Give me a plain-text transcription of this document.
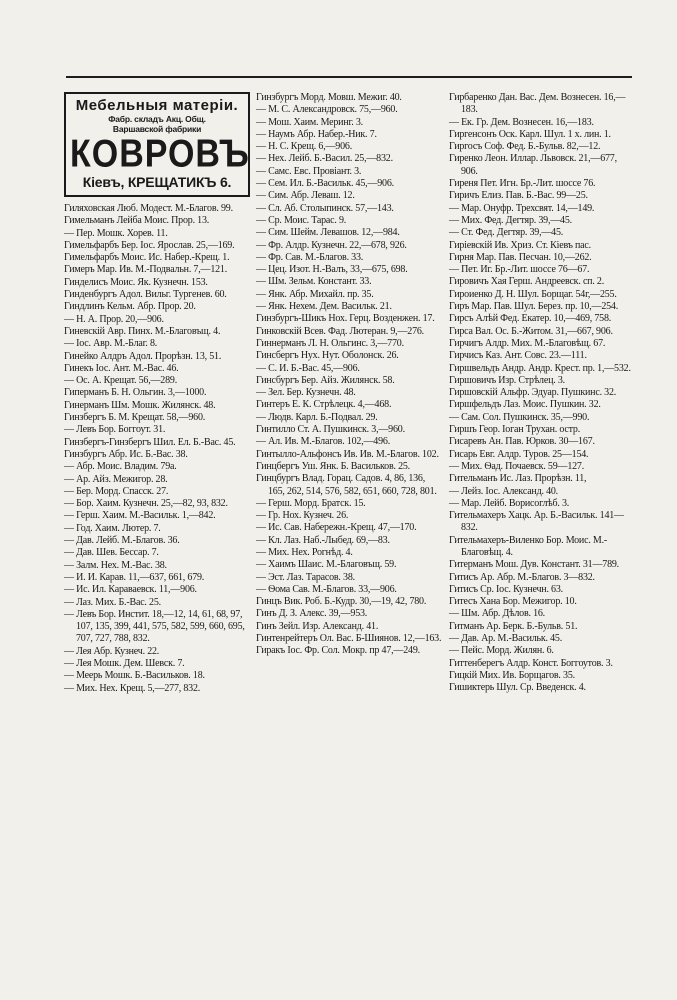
Мебельныя матеріи.
Фабр. складъ Акц. Общ.
Варшавской фабрики
КОВРОВЪ
Кіевъ, КРЕЩАТИКЪ 6.

Гиляховская Люб. Модест. М.-Благов. 99.

Гимельманъ Лейба Моис. Прор. 13.

— Пер. Мошк. Хорев. 11.

Гимельфарбъ Бер. Іос. Ярослав. 25,—169.

Гимельфарбъ Моис. Ис. Набер.-Крещ. 1.

Гимеръ Мар. Ив. М.-Подвальн. 7,—121.

Гинделисъ Моис. Як. Кузнечн. 153.

Гинденбургъ Адол. Вильг. Тургенев. 60.

Гиндлинъ Кельм. Абр. Прор. 20.

— Н. А. Прор. 20,—906.

Гиневскій Авр. Пинх. М.-Благовъщ. 4.

— Іос. Авр. М.-Благ. 8.

Гинейко Алдръ Адол. Прорѣзн. 13, 51.

Гинекъ Іос. Ант. М.-Вас. 46.

— Ос. А. Крещат. 56,—289.

Гиперманъ Б. Н. Ольгин. 3,—1000.

Гинерманъ Шм. Мошк. Жилянск. 48.

Гинзбергъ Б. М. Крещат. 58,—960.

— Левъ Бор. Боггоут. 31.

Гинзбергъ-Гинзбергъ Шил. Ел. Б.-Вас. 45.

Гинзбургъ Абр. Ис. Б.-Вас. 38.

— Абр. Моис. Владим. 79а.

— Ар. Айз. Межигор. 28.

— Бер. Морд. Спасск. 27.

— Бор. Хаим. Кузнечн. 25,—82, 93, 832.

— Герш. Хаим. М.-Васильк. 1,—842.

— Год. Хаим. Лютер. 7.

— Дав. Лейб. М.-Благов. 36.

— Дав. Шев. Бессар. 7.

— Залм. Нех. М.-Вас. 38.

— И. И. Карав. 11,—637, 661, 679.

— Ис. Ил. Караваевск. 11,—906.

— Лаз. Мих. Б.-Вас. 25.

— Левъ Бор. Инстит. 18,—12, 14, 61, 68, 97, 107, 135, 399, 441, 575, 582, 599, 660, 695, 707, 727, 788, 832.

— Лея Абр. Кузнеч. 22.

— Лея Мошк. Дем. Шевск. 7.

— Меерь Мошк. Б.-Васильков. 18.

— Мих. Нех. Крещ. 5,—277, 832.

Гинзбургъ Морд. Мовш. Межиг. 40.

— М. С. Александровск. 75,—960.

— Мош. Хаим. Меринг. 3.

— Наумъ Абр. Набер.-Ник. 7.

— Н. С. Крещ. 6,—906.

— Нех. Лейб. Б.-Васил. 25,—832.

— Самс. Евс. Провіант. 3.

— Сем. Ил. Б.-Васильк. 45,—906.

— Сим. Абр. Леваш. 12.

— Сл. Аб. Столыпинск. 57,—143.

— Ср. Моис. Тарас. 9.

— Сим. Шейм. Левашов. 12,—984.

— Фр. Алдр. Кузнечн. 22,—678, 926.

— Фр. Сав. М.-Благов. 33.

— Цец. Изот. Н.-Валъ, 33,—675, 698.

— Шм. Зельм. Констант. 33.

— Янк. Абр. Михайл. пр. 35.

— Янк. Нехем. Дем. Васильк. 21.

Гинзбургъ-Шикъ Нох. Герц. Возденжен. 17.

Гинковскій Всев. Фад. Лютеран. 9,—276.

Гиннерманъ Л. Н. Ольгинс. 3,—770.

Гинсбергъ Нух. Нут. Оболонск. 26.

— С. И. Б.-Вас. 45,—906.

Гинсбургъ Бер. Айз. Жилянск. 58.

— Зел. Бер. Кузнечн. 48.

Гинтеръ Е. К. Стрѣлецк. 4,—468.

— Людв. Карл. Б.-Подвал. 29.

Гинтилло Ст. А. Пушкинск. 3,—960.

— Ал. Ив. М.-Благов. 102,—496.

Гинтылло-Альфонсъ Ив. Ив. М.-Благов. 102.

Гинцбергъ Уш. Янк. Б. Васильков. 25.

Гинцбургъ Влад. Горац. Садов. 4, 86, 136, 165, 262, 514, 576, 582, 651, 660, 728, 801.

— Герш. Морд. Братск. 15.

— Гр. Нох. Кузнеч. 26.

— Ис. Сав. Набережн.-Крещ. 47,—170.

— Кл. Лаз. Наб.-Лыбед. 69,—83.

— Мих. Нех. Рогнѣд. 4.

— Хаимъ Шаис. М.-Благовъщ. 59.

— Эст. Лаз. Тарасов. 38.

— Ѳома Сав. М.-Благов. 33,—906.

Гинцъ Вик. Роб. Б.-Кудр. 30,—19, 42, 780.

Гинъ Д. З. Алекс. 39,—953.

Гинъ Зейл. Изр. Александ. 41.

Гинтенрейтеръ Ол. Вас. Б-Шиянов. 12,—163.

Гиракъ Іос. Фр. Сол. Мокр. пр 47,—249.

Гирбаренко Дан. Вас. Дем. Вознесен. 16,—183.

— Ек. Гр. Дем. Вознесен. 16,—183.

Гиргенсонъ Оск. Карл. Шул. 1 х. лин. 1.

Гиргосъ Соф. Фед. Б.-Бульв. 82,—12.

Гиренко Леон. Иллар. Львовск. 21,—677, 906.

Гиреня Пет. Игн. Бр.-Лит. шоссе 76.

Гиричъ Елиз. Пав. Б.-Вас. 99—25.

— Мар. Онуфр. Трехсвят. 14,—149.

— Мих. Фед. Дегтяр. 39,—45.

— Ст. Фед. Дегтяр. 39,—45.

Гиріевскій Ив. Хриз. Ст. Кіевъ пас.

Гирня Мар. Пав. Песчан. 10,—262.

— Пет. Иг. Бр.-Лит. шоссе 76—67.

Гировичъ Хая Герш. Андреевск. сп. 2.

Гироиенко Д. Н. Шул. Борщаг. 54г,—255.

Гиръ Мар. Пав. Шул. Берез. пр. 10,—254.

Гирсъ Алѣй Фед. Екатер. 10,—469, 758.

Гирса Вал. Ос. Б.-Житом. 31,—667, 906.

Гирчигъ Алдр. Мих. М.-Благовѣщ. 67.

Гирчисъ Каз. Ант. Совс. 23.—111.

Гиршвельдъ Андр. Андр. Крест. пр. 1,—532.

Гиршовичъ Изр. Стрѣлец. 3.

Гиршовскій Альфр. Эдуар. Пушкинс. 32.

Гиршфельдъ Лаз. Моис. Пушкин. 32.

— Сам. Сол. Пушкинск. 35,—990.

Гиршъ Геор. Іоган Трухан. остр.

Гисаревъ Ан. Пав. Юрков. 30—167.

Гисарь Евг. Алдр. Туров. 25—154.

— Мих. Ѳад. Почаевск. 59—127.

Гительманъ Ис. Лаз. Прорѣзн. 11,

— Лейз. Іос. Александ. 40.

— Мар. Лейб. Ворисоглѣб. 3.

Гительмахеръ Хацк. Ар. Б.-Васильк. 141—832.

Гительмахеръ-Виленко Бор. Моис. М.-Благовѣщ. 4.

Гитерманъ Мош. Дув. Констант. 31—789.

Гитисъ Ар. Абр. М.-Благов. 3—832.

Гитисъ Ср. Іос. Кузнечн. 63.

Гитесъ Хана Бор. Межигор. 10.

— Шм. Абр. Дѣлов. 16.

Гитманъ Ар. Берк. Б.-Бульв. 51.

— Дав. Ар. М.-Васильк. 45.

— Пейс. Морд. Жилян. 6.

Гиттенберегъ Алдр. Конст. Боггоутов. 3.

Гицкій Мих. Ив. Борщагов. 35.

Гишиктерь Шул. Ср. Введенск. 4.
